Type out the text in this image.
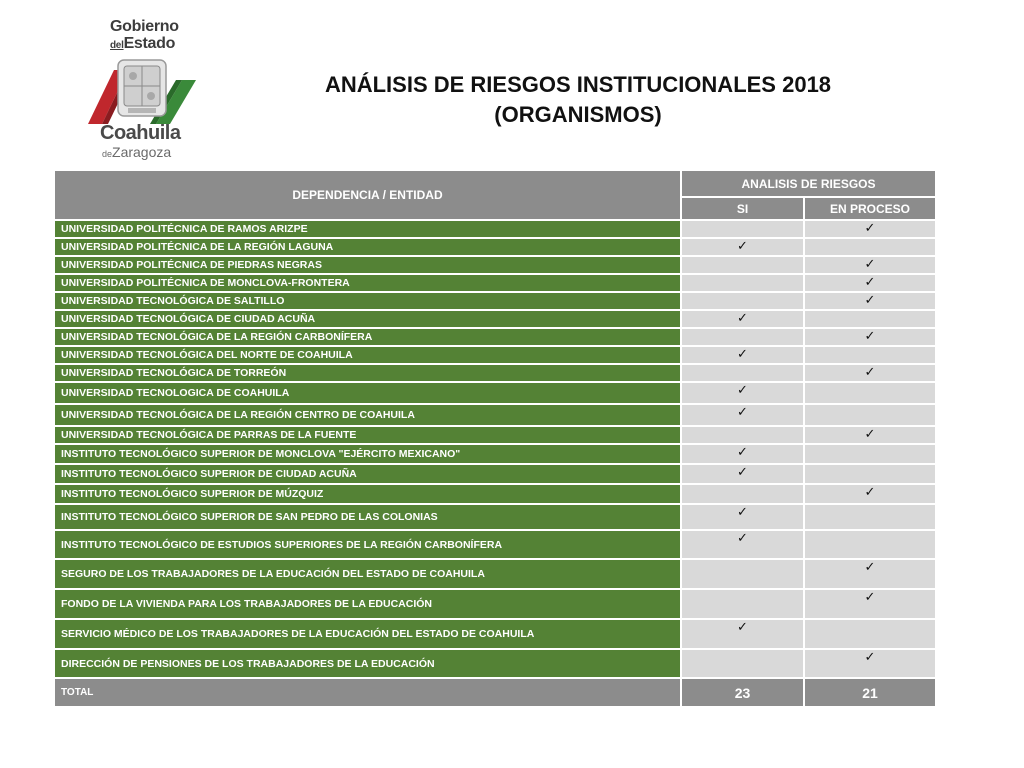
Gobierno
delEstado
Coahuila
deZaragoza
ANÁLISIS DE RIESGOS INSTITUCIONALES 2018
(ORGANISMOS)
DEPENDENCIA / ENTIDAD	ANALISIS DE RIESGOS	
	SI	EN PROCESO
UNIVERSIDAD POLITÉCNICA DE RAMOS ARIZPE		✓
UNIVERSIDAD POLITÉCNICA DE LA REGIÓN LAGUNA	✓	
UNIVERSIDAD POLITÉCNICA DE PIEDRAS NEGRAS		✓
UNIVERSIDAD POLITÉCNICA DE MONCLOVA-FRONTERA		✓
UNIVERSIDAD TECNOLÓGICA DE SALTILLO		✓
UNIVERSIDAD TECNOLÓGICA DE CIUDAD ACUÑA	✓	
UNIVERSIDAD TECNOLÓGICA DE LA REGIÓN CARBONÍFERA		✓
UNIVERSIDAD TECNOLÓGICA DEL NORTE DE COAHUILA	✓	
UNIVERSIDAD TECNOLÓGICA DE TORREÓN		✓
UNIVERSIDAD TECNOLOGICA DE COAHUILA	✓	
UNIVERSIDAD TECNOLÓGICA DE LA REGIÓN CENTRO DE COAHUILA	✓	
UNIVERSIDAD TECNOLÓGICA DE PARRAS DE LA FUENTE		✓
INSTITUTO TECNOLÓGICO SUPERIOR DE MONCLOVA "EJÉRCITO MEXICANO"	✓	
INSTITUTO TECNOLÓGICO SUPERIOR DE CIUDAD ACUÑA	✓	
INSTITUTO TECNOLÓGICO SUPERIOR DE MÚZQUIZ		✓
INSTITUTO TECNOLÓGICO SUPERIOR DE SAN PEDRO DE LAS COLONIAS	✓	
INSTITUTO TECNOLÓGICO DE ESTUDIOS SUPERIORES DE LA REGIÓN CARBONÍFERA	✓	
SEGURO DE LOS TRABAJADORES DE LA EDUCACIÓN DEL ESTADO DE COAHUILA		✓
FONDO DE LA VIVIENDA PARA LOS TRABAJADORES DE LA EDUCACIÓN		✓
SERVICIO MÉDICO DE LOS TRABAJADORES DE LA EDUCACIÓN DEL ESTADO DE COAHUILA	✓	
DIRECCIÓN DE PENSIONES DE LOS TRABAJADORES DE LA EDUCACIÓN		✓
TOTAL	23	21
